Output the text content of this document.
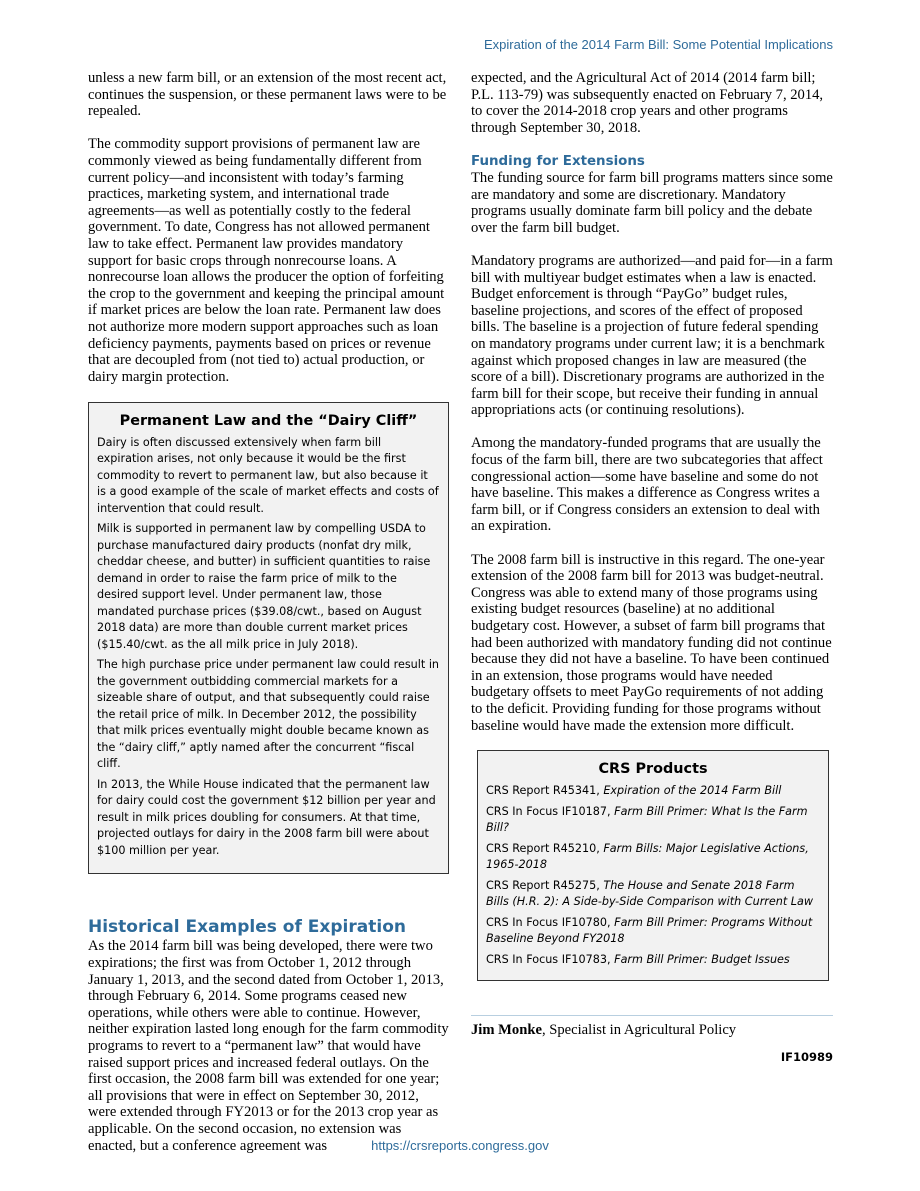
Expiration of the 2014 Farm Bill: Some Potential Implications

unless a new farm bill, or an extension of the most recent act, continues the suspension, or these permanent laws were to be repealed.

The commodity support provisions of permanent law are commonly viewed as being fundamentally different from current policy—and inconsistent with today’s farming practices, marketing system, and international trade agreements—as well as potentially costly to the federal government. To date, Congress has not allowed permanent law to take effect. Permanent law provides mandatory support for basic crops through nonrecourse loans. A nonrecourse loan allows the producer the option of forfeiting the crop to the government and keeping the principal amount if market prices are below the loan rate. Permanent law does not authorize more modern support approaches such as loan deficiency payments, payments based on prices or revenue that are decoupled from (not tied to) actual production, or dairy margin protection.

Permanent Law and the “Dairy Cliff”

Dairy is often discussed extensively when farm bill expiration arises, not only because it would be the first commodity to revert to permanent law, but also because it is a good example of the scale of market effects and costs of intervention that could result.

Milk is supported in permanent law by compelling USDA to purchase manufactured dairy products (nonfat dry milk, cheddar cheese, and butter) in sufficient quantities to raise demand in order to raise the farm price of milk to the desired support level. Under permanent law, those mandated purchase prices ($39.08/cwt., based on August 2018 data) are more than double current market prices ($15.40/cwt. as the all milk price in July 2018).

The high purchase price under permanent law could result in the government outbidding commercial markets for a sizeable share of output, and that subsequently could raise the retail price of milk. In December 2012, the possibility that milk prices eventually might double became known as the “dairy cliff,” aptly named after the concurrent “fiscal cliff.

In 2013, the While House indicated that the permanent law for dairy could cost the government $12 billion per year and result in milk prices doubling for consumers. At that time, projected outlays for dairy in the 2008 farm bill were about $100 million per year.

Historical Examples of Expiration

As the 2014 farm bill was being developed, there were two expirations; the first was from October 1, 2012 through January 1, 2013, and the second dated from October 1, 2013, through February 6, 2014. Some programs ceased new operations, while others were able to continue. However, neither expiration lasted long enough for the farm commodity programs to revert to a “permanent law” that would have raised support prices and increased federal outlays. On the first occasion, the 2008 farm bill was extended for one year; all provisions that were in effect on September 30, 2012, were extended through FY2013 or for the 2013 crop year as applicable. On the second occasion, no extension was enacted, but a conference agreement was

expected, and the Agricultural Act of 2014 (2014 farm bill; P.L. 113-79) was subsequently enacted on February 7, 2014, to cover the 2014-2018 crop years and other programs through September 30, 2018.

Funding for Extensions

The funding source for farm bill programs matters since some are mandatory and some are discretionary. Mandatory programs usually dominate farm bill policy and the debate over the farm bill budget.

Mandatory programs are authorized—and paid for—in a farm bill with multiyear budget estimates when a law is enacted. Budget enforcement is through “PayGo” budget rules, baseline projections, and scores of the effect of proposed bills. The baseline is a projection of future federal spending on mandatory programs under current law; it is a benchmark against which proposed changes in law are measured (the score of a bill). Discretionary programs are authorized in the farm bill for their scope, but receive their funding in annual appropriations acts (or continuing resolutions).

Among the mandatory-funded programs that are usually the focus of the farm bill, there are two subcategories that affect congressional action—some have baseline and some do not have baseline. This makes a difference as Congress writes a farm bill, or if Congress considers an extension to deal with an expiration.

The 2008 farm bill is instructive in this regard. The one-year extension of the 2008 farm bill for 2013 was budget-neutral. Congress was able to extend many of those programs using existing budget resources (baseline) at no additional budgetary cost. However, a subset of farm bill programs that had been authorized with mandatory funding did not continue because they did not have a baseline. To have been continued in an extension, those programs would have needed budgetary offsets to meet PayGo requirements of not adding to the deficit. Providing funding for those programs without baseline would have made the extension more difficult.

CRS Products

CRS Report R45341, Expiration of the 2014 Farm Bill

CRS In Focus IF10187, Farm Bill Primer: What Is the Farm Bill?

CRS Report R45210, Farm Bills: Major Legislative Actions, 1965-2018

CRS Report R45275, The House and Senate 2018 Farm Bills (H.R. 2): A Side-by-Side Comparison with Current Law

CRS In Focus IF10780, Farm Bill Primer: Programs Without Baseline Beyond FY2018

CRS In Focus IF10783, Farm Bill Primer: Budget Issues

Jim Monke, Specialist in Agricultural Policy
IF10989
https://crsreports.congress.gov
